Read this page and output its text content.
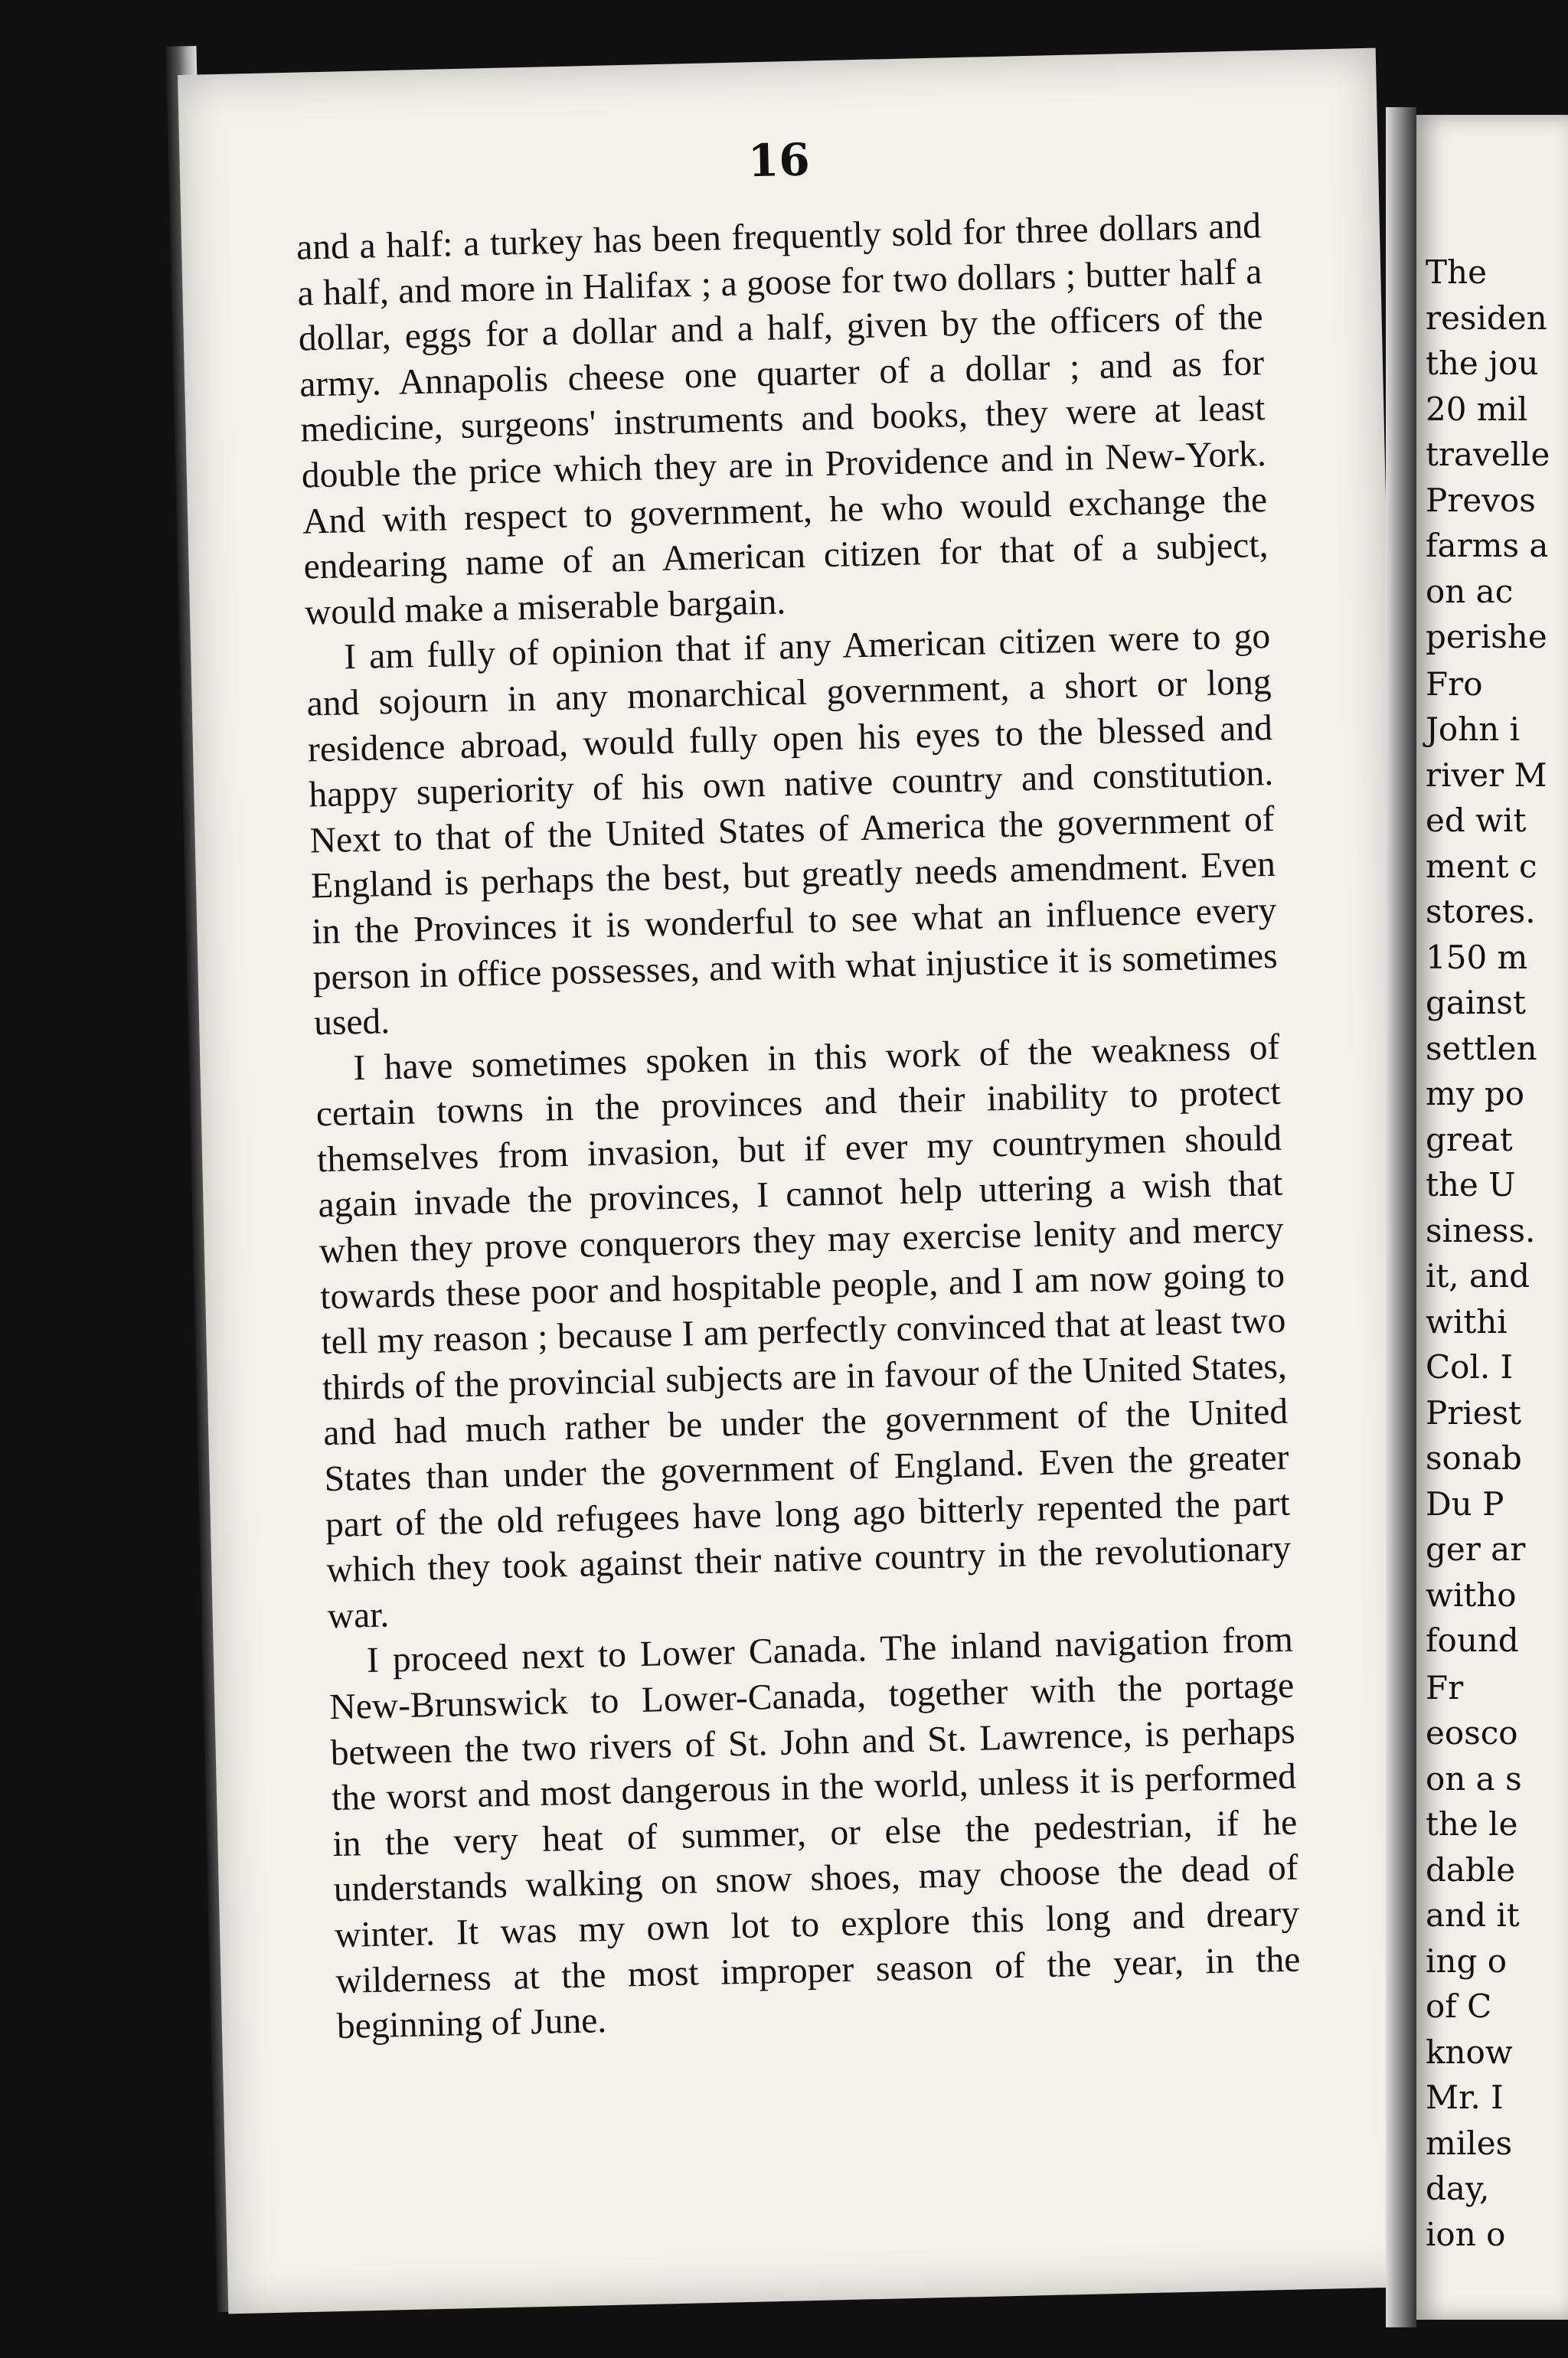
16

and a half: a turkey has been frequently sold for three dollars and a half, and more in Halifax ; a goose for two dollars ; butter half a dollar, eggs for a dollar and a half, given by the officers of the army. Annapolis cheese one quarter of a dollar ; and as for medicine, surgeons' instruments and books, they were at least double the price which they are in Providence and in New-York. And with respect to government, he who would exchange the endearing name of an American citizen for that of a subject, would make a miserable bargain.

I am fully of opinion that if any American citizen were to go and sojourn in any monarchical government, a short or long residence abroad, would fully open his eyes to the blessed and happy superiority of his own native country and constitution. Next to that of the United States of America the government of England is perhaps the best, but greatly needs amendment. Even in the Provinces it is wonderful to see what an influence every person in office possesses, and with what injustice it is sometimes used.

I have sometimes spoken in this work of the weakness of certain towns in the provinces and their inability to protect themselves from invasion, but if ever my countrymen should again invade the provinces, I cannot help uttering a wish that when they prove conquerors they may exercise lenity and mercy towards these poor and hospitable people, and I am now going to tell my reason ; because I am perfectly convinced that at least two thirds of the provincial subjects are in favour of the United States, and had much rather be under the government of the United States than under the government of England. Even the greater part of the old refugees have long ago bitterly repented the part which they took against their native country in the revolutionary war.

I proceed next to Lower Canada. The inland navigation from New-Brunswick to Lower-Canada, together with the portage between the two rivers of St. John and St. Lawrence, is perhaps the worst and most dangerous in the world, unless it is performed in the very heat of summer, or else the pedestrian, if he understands walking on snow shoes, may choose the dead of winter. It was my own lot to explore this long and dreary wilderness at the most improper season of the year, in the beginning of June.

The
residen
the jou
20 mil
travelle
Prevos
farms a
on ac
perishe
Fro
John i
river M
ed wit
ment c
stores.
150 m
gainst
settlen
my po
great
the U
siness.
it, and
withi
Col. I
Priest
sonab
Du P
ger ar
witho
found
Fr
eosco
on a s
the le
dable
and it
ing o
of C
know
Mr. I
miles
day,
ion o
